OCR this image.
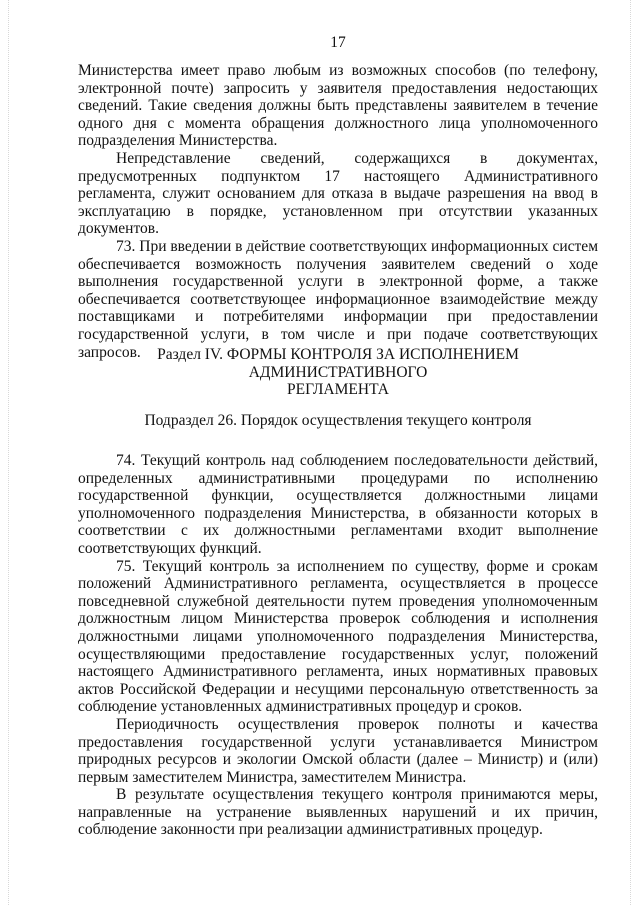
17

Министерства имеет право любым из возможных способов (по телефону, электронной почте) запросить у заявителя предоставления недостающих сведений. Такие сведения должны быть представлены заявителем в течение одного дня с момента обращения должностного лица уполномоченного подразделения Министерства.

Непредставление сведений, содержащихся в документах, предусмотренных подпунктом 17 настоящего Административного регламента, служит основанием для отказа в выдаче разрешения на ввод в эксплуатацию в порядке, установленном при отсутствии указанных документов.

73. При введении в действие соответствующих информационных систем обеспечивается возможность получения заявителем сведений о ходе выполнения государственной услуги в электронной форме, а также обеспечивается соответствующее информационное взаимодействие между поставщиками и потребителями информации при предоставлении государственной услуги, в том числе и при подаче соответствующих запросов.	Раздел IV. ФОРМЫ КОНТРОЛЯ ЗА ИСПОЛНЕНИЕМ
АДМИНИСТРАТИВНОГО
РЕГЛАМЕНТА
Подраздел 26. Порядок осуществления текущего контроля

74. Текущий контроль над соблюдением последовательности действий, определенных административными процедурами по исполнению государственной функции, осуществляется должностными лицами уполномоченного подразделения Министерства, в обязанности которых в соответствии с их должностными регламентами входит выполнение соответствующих функций.

75. Текущий контроль за исполнением по существу, форме и срокам положений Административного регламента, осуществляется в процессе повседневной служебной деятельности путем проведения уполномоченным должностным лицом Министерства проверок соблюдения и исполнения должностными лицами уполномоченного подразделения Министерства, осуществляющими предоставление государственных услуг, положений настоящего Административного регламента, иных нормативных правовых актов Российской Федерации и несущими персональную ответственность за соблюдение установленных административных процедур и сроков.

Периодичность осуществления проверок полноты и качества предоставления государственной услуги устанавливается Министром природных ресурсов и экологии Омской области (далее – Министр) и (или) первым заместителем Министра, заместителем Министра.

В результате осуществления текущего контроля принимаются меры, направленные на устранение выявленных нарушений и их причин, соблюдение законности при реализации административных процедур.
